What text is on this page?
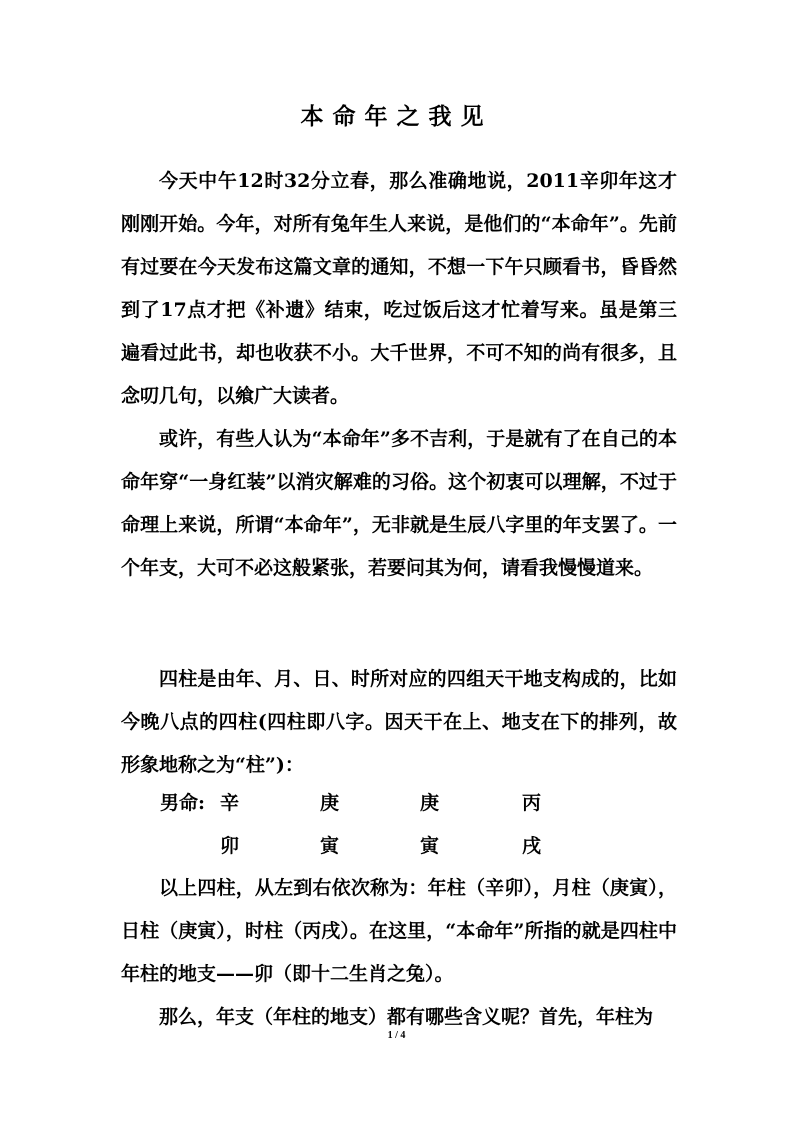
本命年之我见

今天中午12时32分立春，那么准确地说，2011辛卯年这才刚刚开始。今年，对所有兔年生人来说，是他们的“本命年”。先前有过要在今天发布这篇文章的通知，不想一下午只顾看书，昏昏然到了17点才把《补遗》结束，吃过饭后这才忙着写来。虽是第三遍看过此书，却也收获不小。大千世界，不可不知的尚有很多，且念叨几句，以飨广大读者。

或许，有些人认为“本命年”多不吉利，于是就有了在自己的本命年穿“一身红装”以消灾解难的习俗。这个初衷可以理解，不过于命理上来说，所谓“本命年”，无非就是生辰八字里的年支罢了。一个年支，大可不必这般紧张，若要问其为何，请看我慢慢道来。

四柱是由年、月、日、时所对应的四组天干地支构成的，比如今晚八点的四柱(四柱即八字。因天干在上、地支在下的排列，故形象地称之为“柱”)：

男命: 辛	庚	庚	丙
卯	寅	寅	戌

以上四柱，从左到右依次称为：年柱（辛卯），月柱（庚寅），日柱（庚寅），时柱（丙戌）。在这里，“本命年”所指的就是四柱中年柱的地支——卯（即十二生肖之兔）。

那么，年支（年柱的地支）都有哪些含义呢？首先，年柱为

1 / 4
